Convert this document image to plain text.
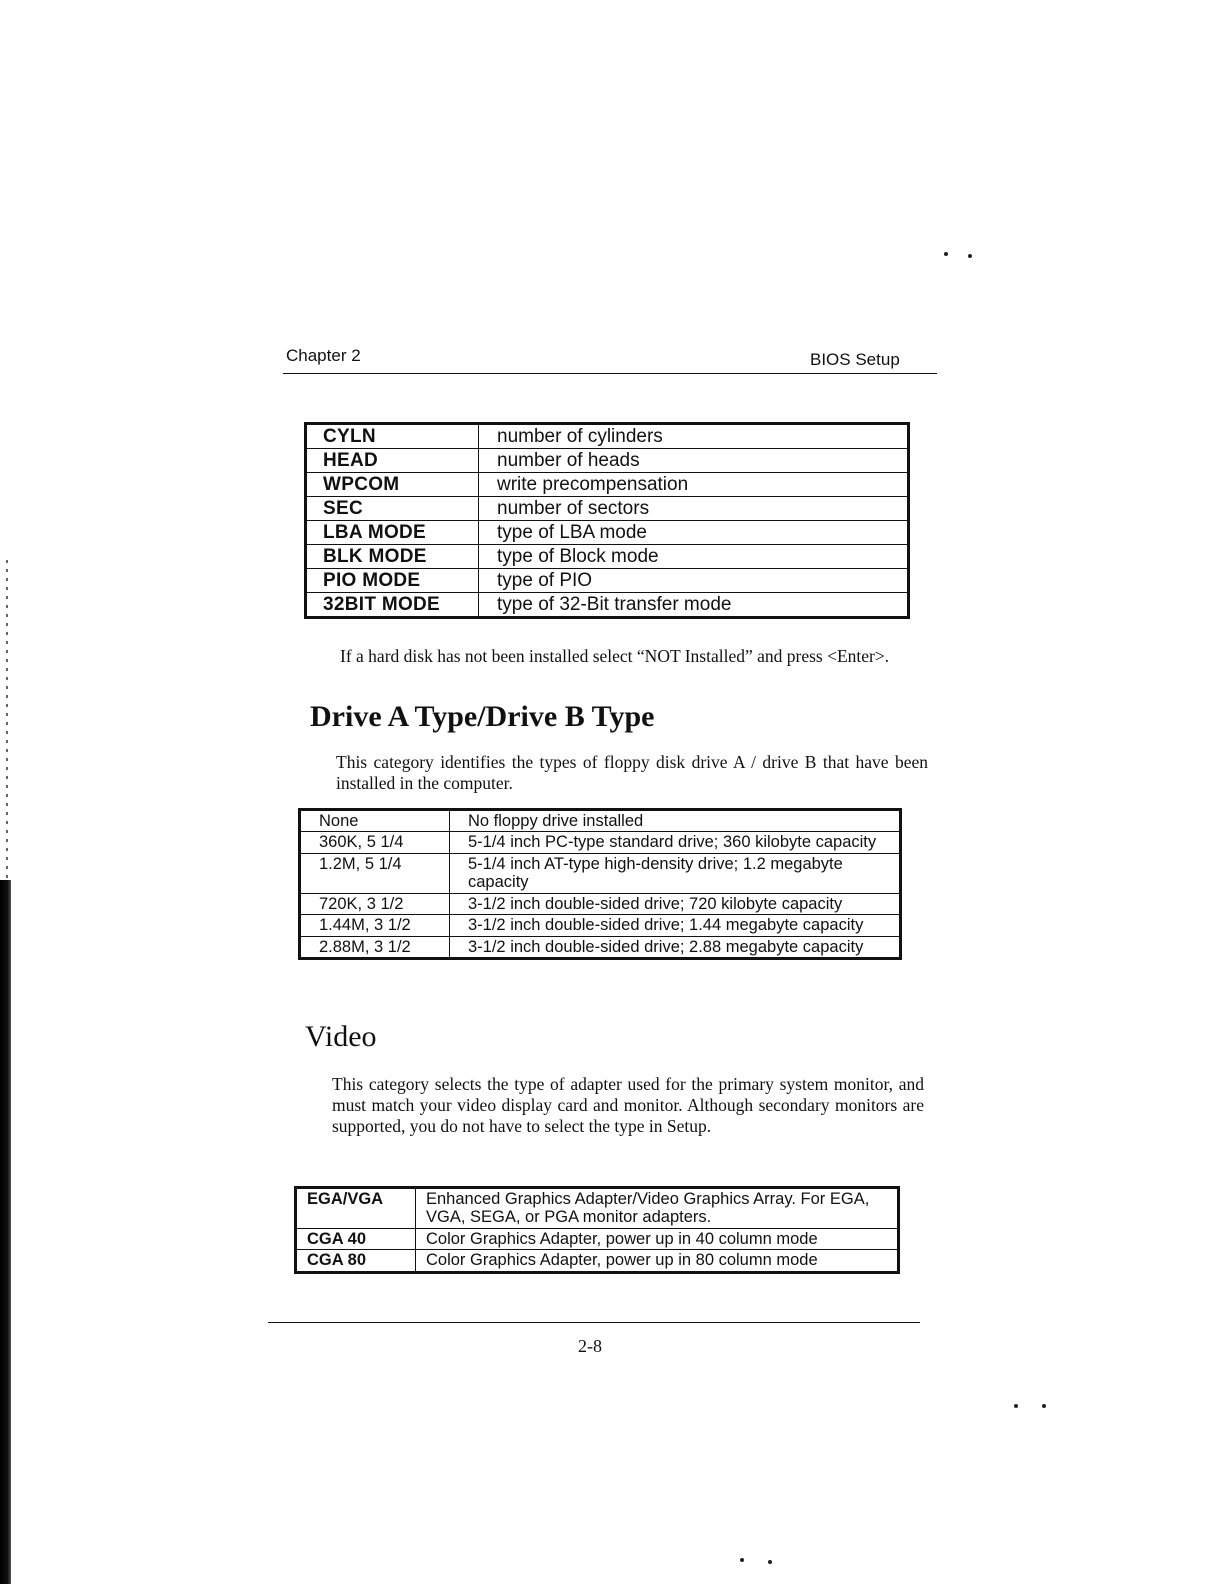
Chapter 2	BIOS Setup
CYLN	number of cylinders
HEAD	number of heads
WPCOM	write precompensation
SEC	number of sectors
LBA MODE	type of LBA mode
BLK MODE	type of Block mode
PIO MODE	type of PIO
32BIT MODE	type of 32-Bit transfer mode
If a hard disk has not been installed select “NOT Installed” and press <Enter>.
Drive A Type/Drive B Type
This category identifies the types of floppy disk drive A / drive B that have been installed in the computer.
None	No floppy drive installed
360K, 5 1/4	5-1/4 inch PC-type standard drive; 360 kilobyte capacity
1.2M, 5 1/4	5-1/4 inch AT-type high-density drive; 1.2 megabyte capacity
720K, 3 1/2	3-1/2 inch double-sided drive; 720 kilobyte capacity
1.44M, 3 1/2	3-1/2 inch double-sided drive; 1.44 megabyte capacity
2.88M, 3 1/2	3-1/2 inch double-sided drive; 2.88 megabyte capacity
Video
This category selects the type of adapter used for the primary system monitor, and must match your video display card and monitor. Although secondary monitors are supported, you do not have to select the type in Setup.
EGA/VGA	Enhanced Graphics Adapter/Video Graphics Array. For EGA, VGA, SEGA, or PGA monitor adapters.
CGA 40	Color Graphics Adapter, power up in 40 column mode
CGA 80	Color Graphics Adapter, power up in 80 column mode
2-8
